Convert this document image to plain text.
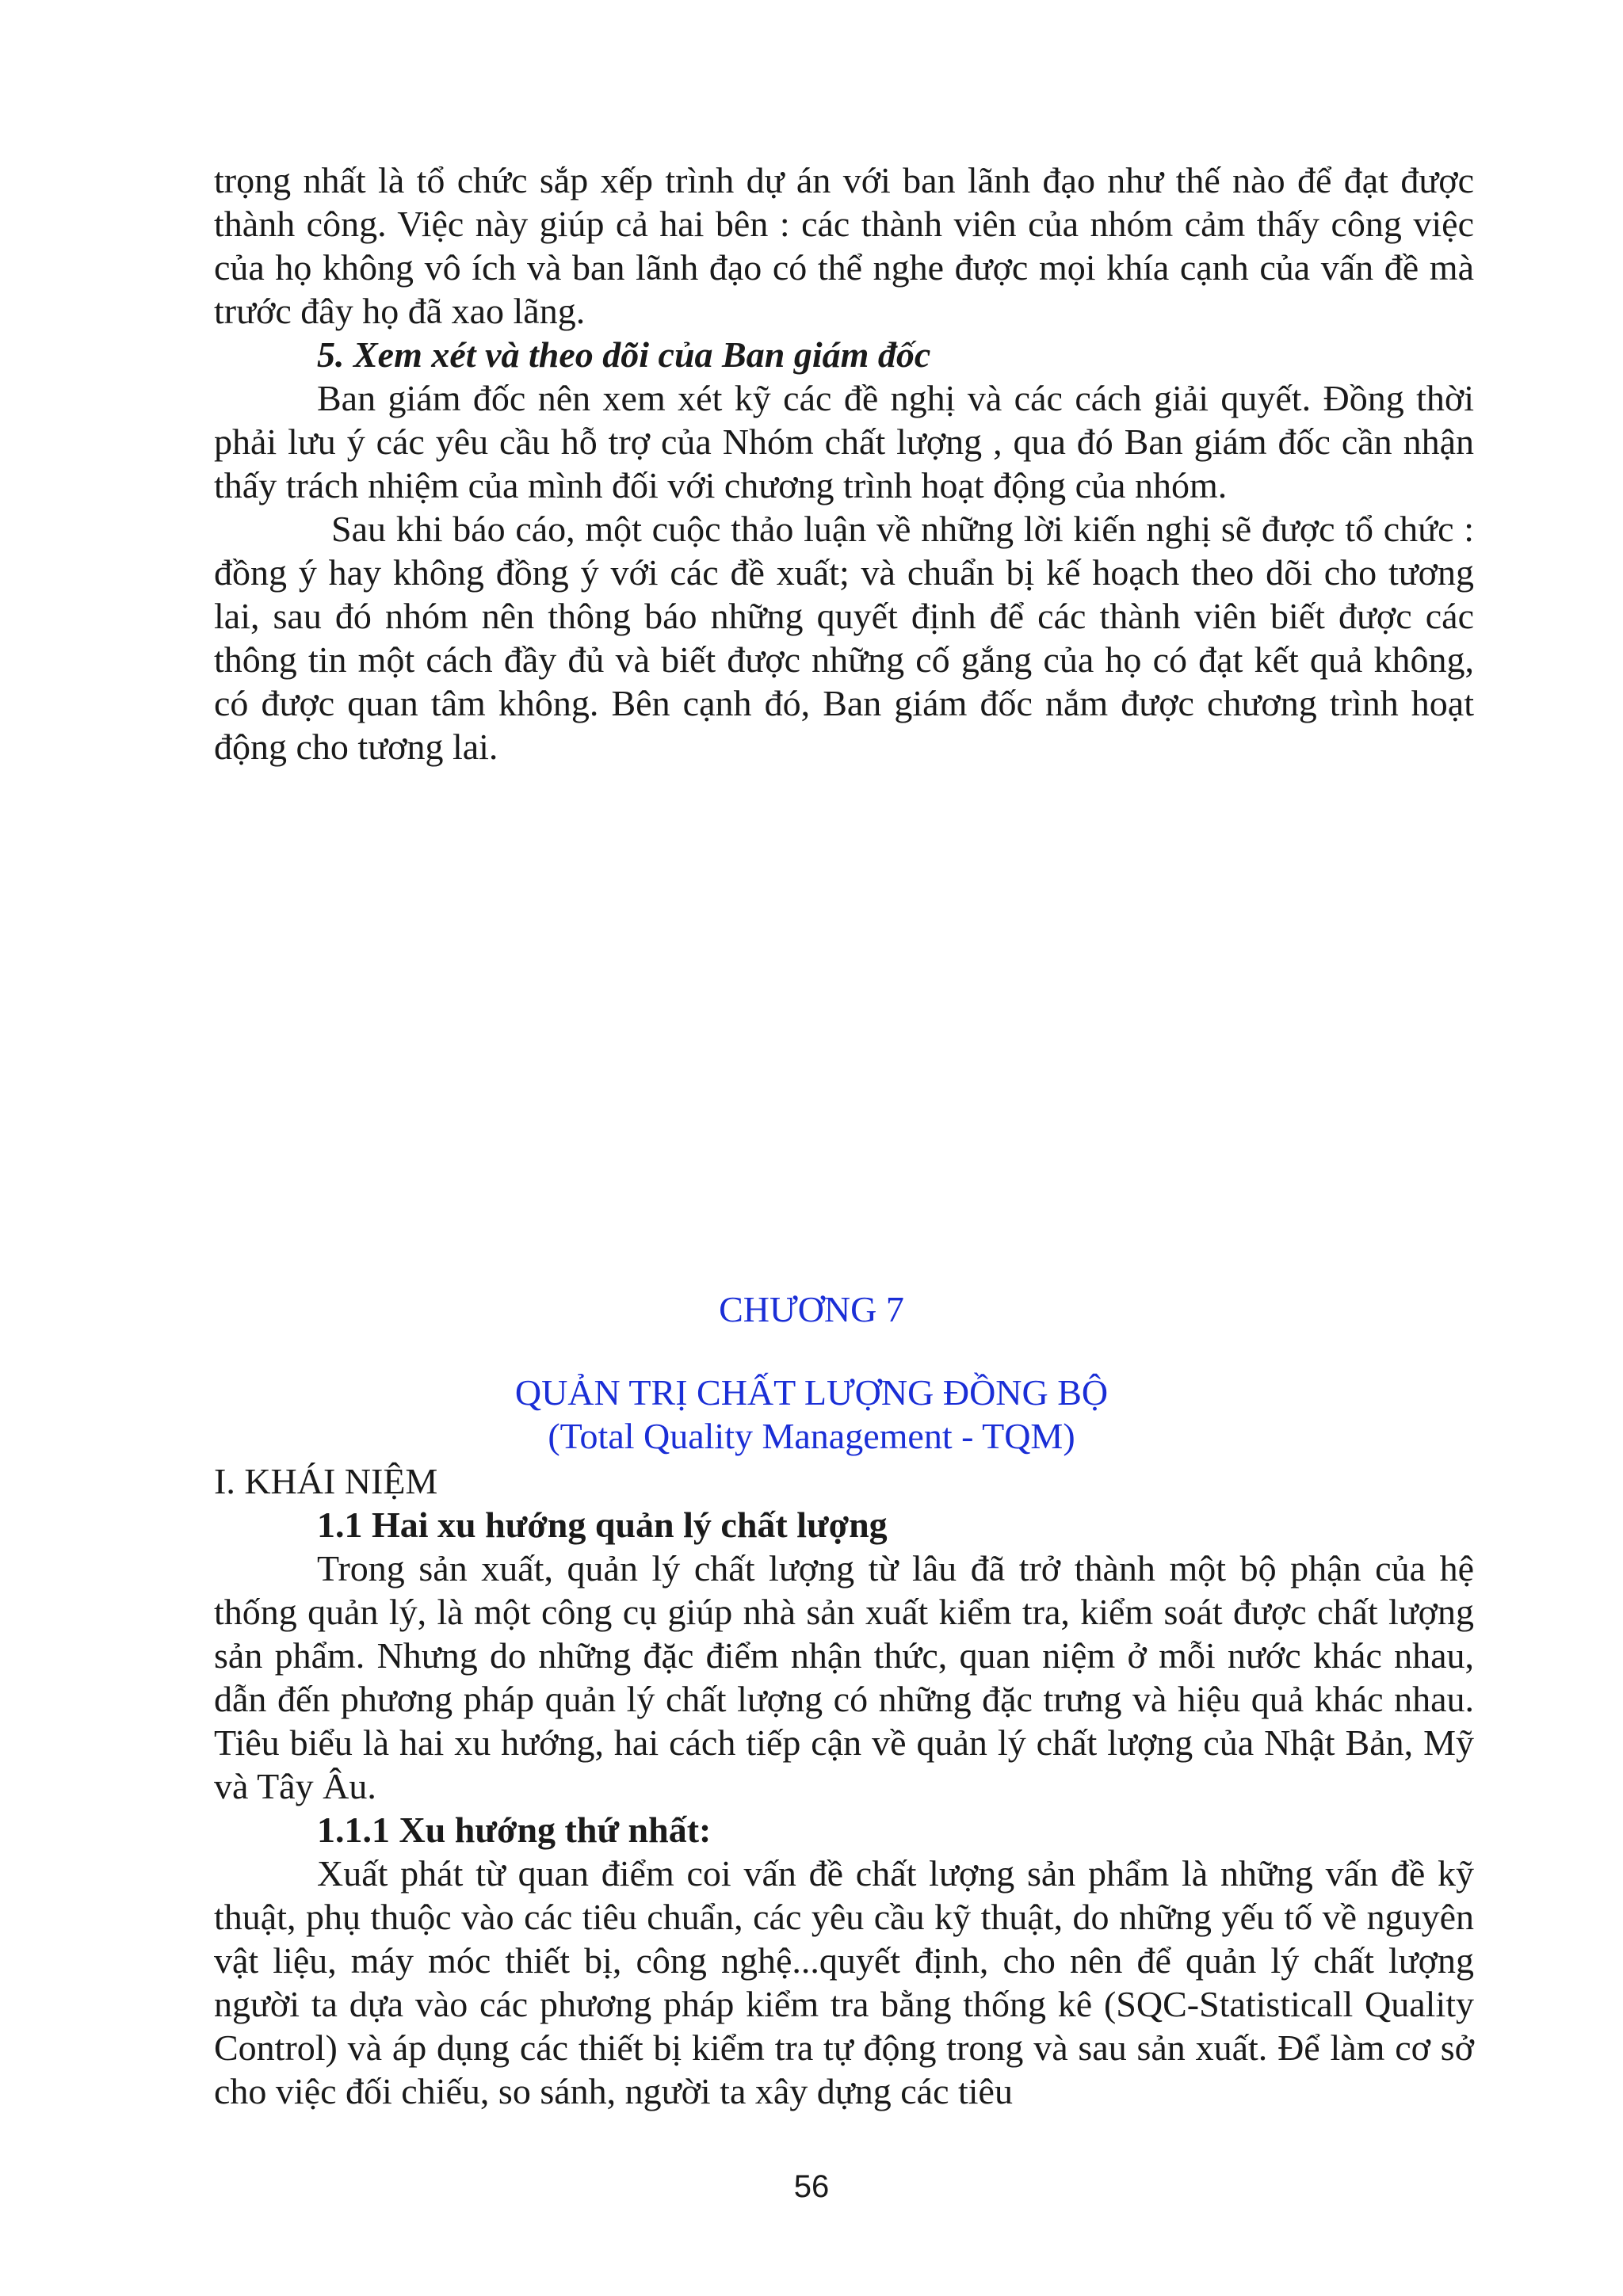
trọng nhất là tổ chức sắp xếp trình dự án với ban lãnh đạo như thế nào để đạt được thành công. Việc này giúp cả hai bên : các thành viên của nhóm cảm thấy công việc của họ không vô ích và ban lãnh đạo có thể nghe được mọi khía cạnh của vấn đề mà trước đây họ đã xao lãng.

5. Xem xét và theo dõi của Ban giám đốc

Ban giám đốc nên xem xét kỹ các đề nghị và các cách giải quyết. Đồng thời phải lưu ý các yêu cầu hỗ trợ của Nhóm chất lượng , qua đó Ban giám đốc cần nhận thấy trách nhiệm của mình đối với chương trình hoạt động của nhóm.

Sau khi báo cáo, một cuộc thảo luận về những lời kiến nghị sẽ được tổ chức : đồng ý hay không đồng ý với các đề xuất; và chuẩn bị kế hoạch theo dõi cho tương lai, sau đó nhóm nên thông báo những quyết định để các thành viên biết được các thông tin một cách đầy đủ và biết được những cố gắng của họ có đạt kết quả không, có được quan tâm không. Bên cạnh đó, Ban giám đốc nắm được chương trình hoạt động cho tương lai.

CHƯƠNG 7
QUẢN TRỊ CHẤT LƯỢNG ĐỒNG BỘ
(Total Quality Management - TQM)

I. KHÁI NIỆM

1.1 Hai xu hướng quản lý chất lượng

Trong sản xuất, quản lý chất lượng từ lâu đã trở thành một bộ phận của hệ thống quản lý, là một công cụ giúp nhà sản xuất kiểm tra, kiểm soát được chất lượng sản phẩm. Nhưng do những đặc điểm nhận thức, quan niệm ở mỗi nước khác nhau, dẫn đến phương pháp quản lý chất lượng có những đặc trưng và hiệu quả khác nhau. Tiêu biểu là hai xu hướng, hai cách tiếp cận về quản lý chất lượng của Nhật Bản, Mỹ và Tây Âu.

1.1.1 Xu hướng thứ nhất:

Xuất phát từ quan điểm coi vấn đề chất lượng sản phẩm là những vấn đề kỹ thuật, phụ thuộc vào các tiêu chuẩn, các yêu cầu kỹ thuật, do những yếu tố về nguyên vật liệu, máy móc thiết bị, công nghệ...quyết định, cho nên để quản lý chất lượng người ta dựa vào các phương pháp kiểm tra bằng thống kê (SQC-Statisticall Quality Control) và áp dụng các thiết bị kiểm tra tự động trong và sau sản xuất. Để làm cơ sở cho việc đối chiếu, so sánh, người ta xây dựng các tiêu

56
